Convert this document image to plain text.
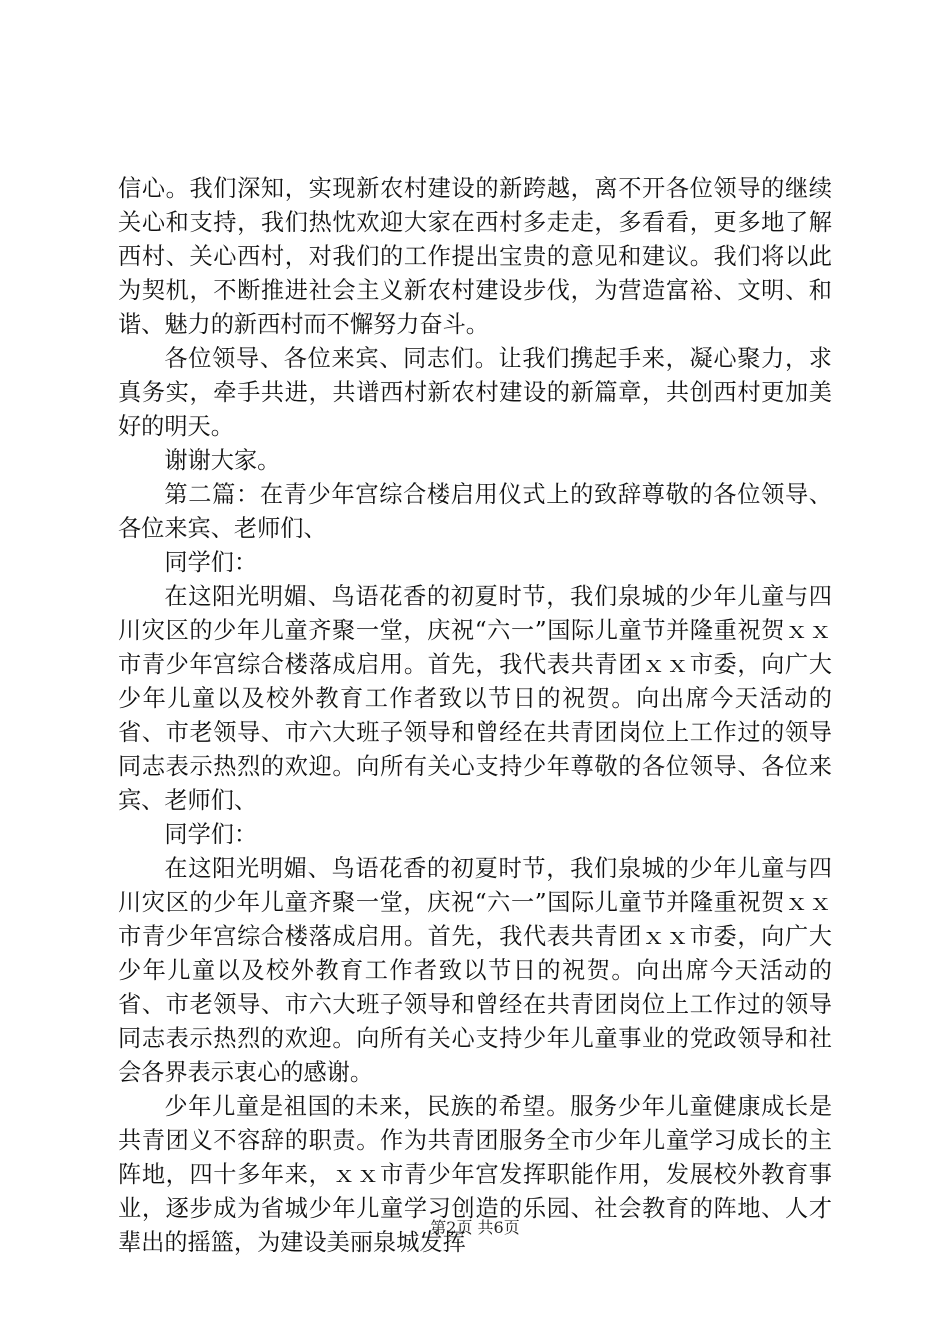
信心。我们深知，实现新农村建设的新跨越，离不开各位领导的继续关心和支持，我们热忱欢迎大家在西村多走走，多看看，更多地了解西村、关心西村，对我们的工作提出宝贵的意见和建议。我们将以此为契机，不断推进社会主义新农村建设步伐，为营造富裕、文明、和谐、魅力的新西村而不懈努力奋斗。

各位领导、各位来宾、同志们。让我们携起手来，凝心聚力，求真务实，牵手共进，共谱西村新农村建设的新篇章，共创西村更加美好的明天。

谢谢大家。

第二篇：在青少年宫综合楼启用仪式上的致辞尊敬的各位领导、各位来宾、老师们、

同学们：

在这阳光明媚、鸟语花香的初夏时节，我们泉城的少年儿童与四川灾区的少年儿童齐聚一堂，庆祝“六一”国际儿童节并隆重祝贺ｘｘ市青少年宫综合楼落成启用。首先，我代表共青团ｘｘ市委，向广大少年儿童以及校外教育工作者致以节日的祝贺。向出席今天活动的省、市老领导、市六大班子领导和曾经在共青团岗位上工作过的领导同志表示热烈的欢迎。向所有关心支持少年尊敬的各位领导、各位来宾、老师们、

同学们：

在这阳光明媚、鸟语花香的初夏时节，我们泉城的少年儿童与四川灾区的少年儿童齐聚一堂，庆祝“六一”国际儿童节并隆重祝贺ｘｘ市青少年宫综合楼落成启用。首先，我代表共青团ｘｘ市委，向广大少年儿童以及校外教育工作者致以节日的祝贺。向出席今天活动的省、市老领导、市六大班子领导和曾经在共青团岗位上工作过的领导同志表示热烈的欢迎。向所有关心支持少年儿童事业的党政领导和社会各界表示衷心的感谢。

少年儿童是祖国的未来，民族的希望。服务少年儿童健康成长是共青团义不容辞的职责。作为共青团服务全市少年儿童学习成长的主阵地，四十多年来，ｘｘ市青少年宫发挥职能作用，发展校外教育事业，逐步成为省城少年儿童学习创造的乐园、社会教育的阵地、人才辈出的摇篮，为建设美丽泉城发挥

第2页 共6页
